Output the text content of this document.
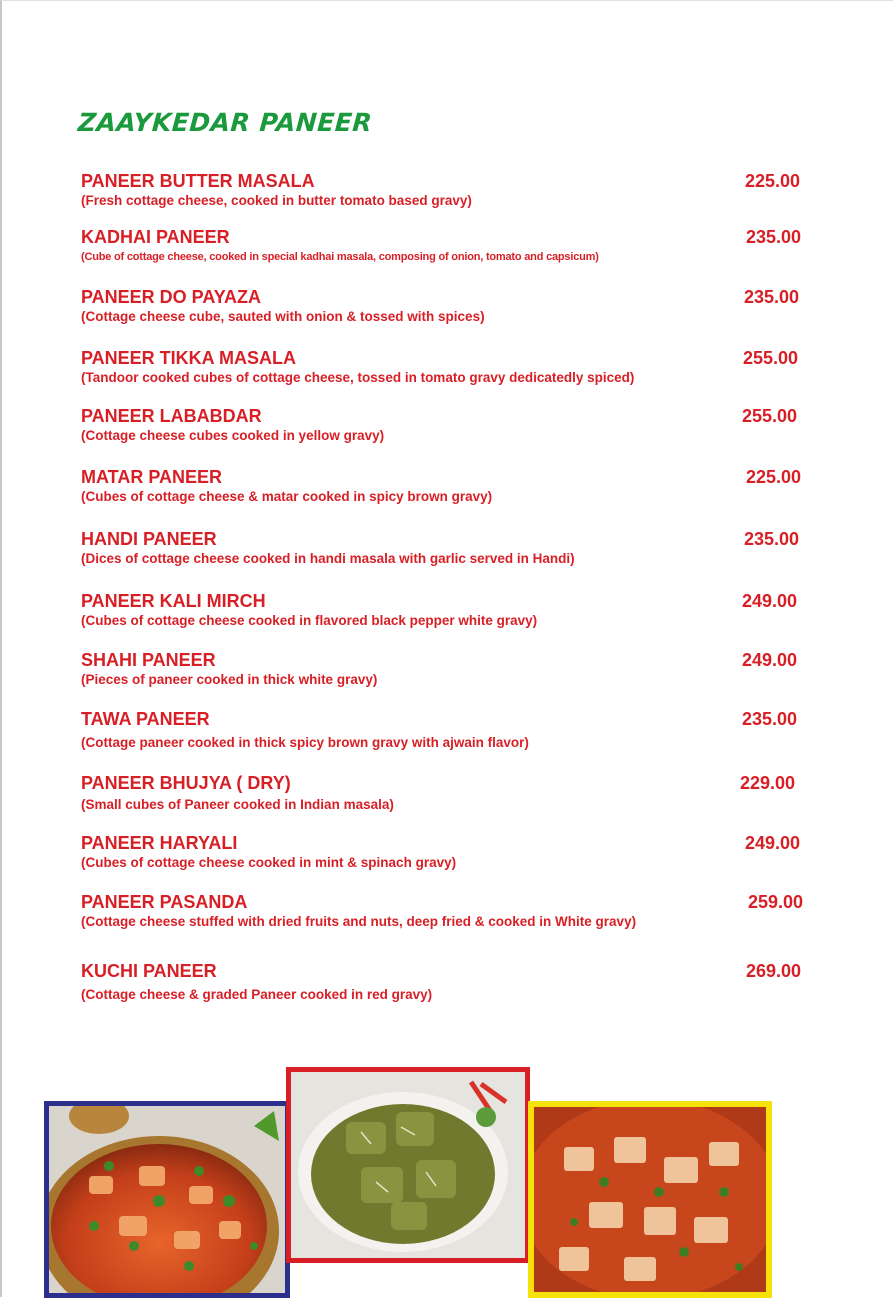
ZAAYKEDAR PANEER
PANEER BUTTER MASALA	225.00
(Fresh cottage cheese, cooked in butter tomato based gravy)
KADHAI PANEER	235.00
(Cube of cottage cheese, cooked in special kadhai masala, composing of onion, tomato and capsicum)
PANEER DO PAYAZA	235.00
(Cottage cheese cube, sauted with onion & tossed with spices)
PANEER TIKKA MASALA	255.00
(Tandoor cooked cubes of cottage cheese, tossed in tomato gravy dedicatedly spiced)
PANEER LABABDAR	255.00
(Cottage cheese cubes cooked in yellow gravy)
MATAR PANEER	225.00
(Cubes of cottage cheese & matar cooked in spicy brown gravy)
HANDI PANEER	235.00
(Dices of cottage cheese cooked in handi masala with garlic served in Handi)
PANEER KALI MIRCH	249.00
(Cubes of cottage cheese cooked in flavored black pepper white gravy)
SHAHI PANEER	249.00
(Pieces of paneer cooked in thick white gravy)
TAWA PANEER	235.00
(Cottage paneer cooked in thick spicy brown gravy with ajwain flavor)
PANEER BHUJYA ( DRY)	229.00
(Small cubes of Paneer cooked in Indian masala)
PANEER HARYALI	249.00
(Cubes of cottage cheese cooked in mint & spinach gravy)
PANEER PASANDA	259.00
(Cottage cheese stuffed with dried fruits and nuts, deep fried & cooked in White gravy)
KUCHI PANEER	269.00
(Cottage cheese & graded Paneer cooked in red gravy)
